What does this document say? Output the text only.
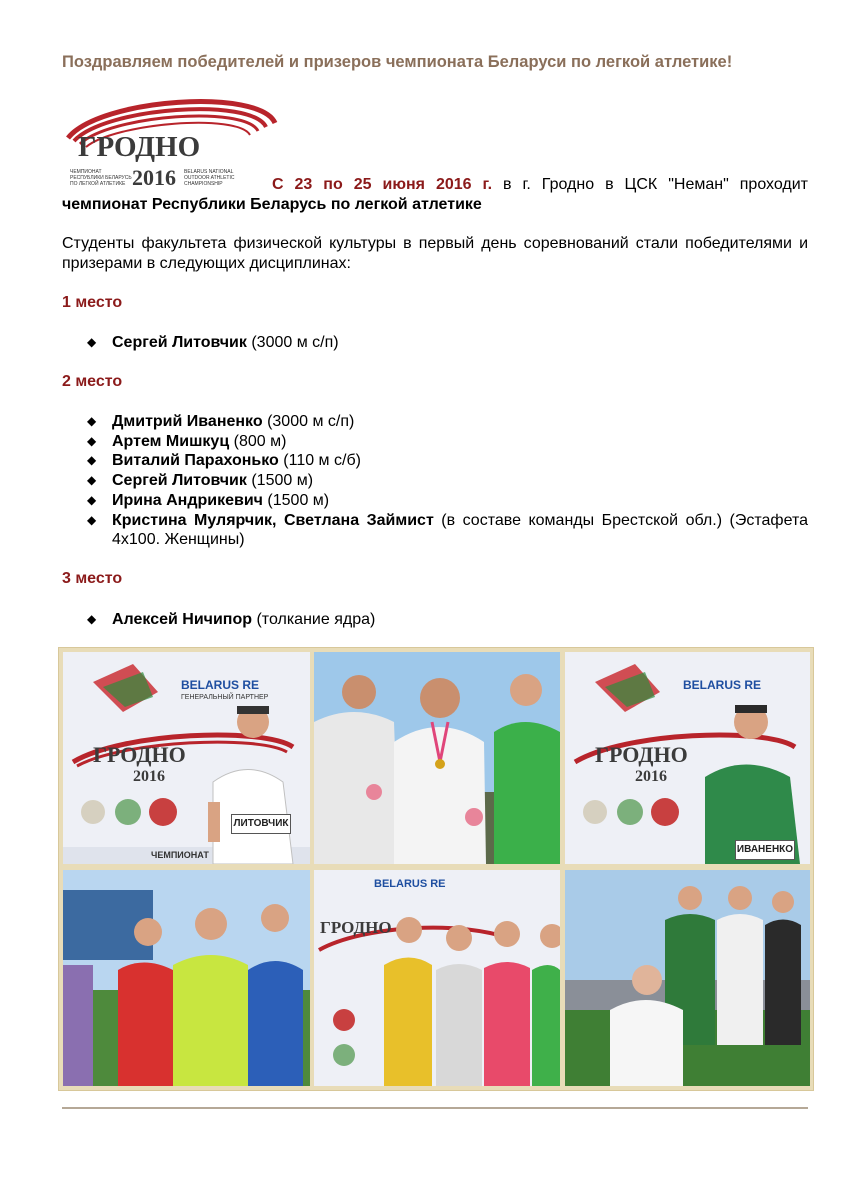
Поздравляем победителей и призеров чемпионата Беларуси по легкой атлетике!
ГРОДНО
2016
ЧЕМПИОНАТ РЕСПУБЛИКИ БЕЛАРУСЬ ПО ЛЕГКОЙ АТЛЕТИКЕ
BELARUS NATIONAL OUTDOOR ATHLETIC CHAMPIONSHIP	С 23 по 25 июня 2016 г. в г. Гродно в ЦСК "Неман" проходит чемпионат Республики Беларусь по легкой атлетике

Студенты факультета физической культуры в первый день соревнований стали победителями и призерами в следующих дисциплинах:

1 место
◆ Сергей Литовчик (3000 м с/п)
2 место
◆ Дмитрий Иваненко (3000 м с/п)
◆ Артем Мишкуц (800 м)
◆ Виталий Парахонько (110 м с/б)
◆ Сергей Литовчик (1500 м)
◆ Ирина Андрикевич (1500 м)
◆ Кристина Мулярчик, Светлана Займист (в составе команды Брестской обл.) (Эстафета 4х100. Женщины)
3 место
◆ Алексей Ничипор (толкание ядра)
BELARUS RE
ГЕНЕРАЛЬНЫЙ ПАРТНЕР
ГРОДНО
2016
ЧЕМПИОНАТ
ЛИТОВЧИК
BELARUS RE
ГРОДНО
2016
ИВАНЕНКО
BELARUS RE
ГРОДНО
